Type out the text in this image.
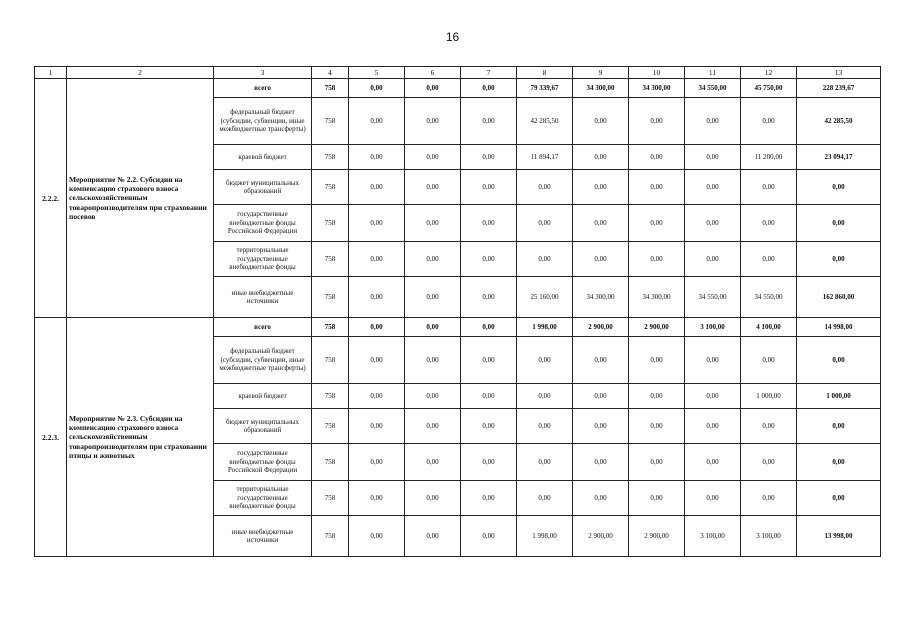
16
1	2	3	4	5	6	7	8	9	10	11	12	13
2.2.2.	Мероприятие № 2.2. Субсидии на компенсацию страхового взноса сельскохозяйственным товаропроизводителям при страховании посевов	всего	758	0,00	0,00	0,00	79 339,67	34 300,00	34 300,00	34 550,00	45 750,00	228 239,67
		федеральный бюджет (субсидии, субвенции, иные межбюджетные трансферты)	758	0,00	0,00	0,00	42 285,50	0,00	0,00	0,00	0,00	42 285,50
		краевой бюджет	758	0,00	0,00	0,00	11 894,17	0,00	0,00	0,00	11 200,00	23 094,17
		бюджет муниципальных образований	758	0,00	0,00	0,00	0,00	0,00	0,00	0,00	0,00	0,00
		государственные внебюджетные фонды Российской Федерации	758	0,00	0,00	0,00	0,00	0,00	0,00	0,00	0,00	0,00
		территориальные государственные внебюджетные фонды	758	0,00	0,00	0,00	0,00	0,00	0,00	0,00	0,00	0,00
		иные внебюджетные источники	758	0,00	0,00	0,00	25 160,00	34 300,00	34 300,00	34 550,00	34 550,00	162 860,00
2.2.3.	Мероприятие № 2.3. Субсидии на компенсацию страхового взноса сельскохозяйственным товаропроизводителям при страховании птицы и животных	всего	758	0,00	0,00	0,00	1 998,00	2 900,00	2 900,00	3 100,00	4 100,00	14 998,00
		федеральный бюджет (субсидии, субвенции, иные межбюджетные трансферты)	758	0,00	0,00	0,00	0,00	0,00	0,00	0,00	0,00	0,00
		краевой бюджет	758	0,00	0,00	0,00	0,00	0,00	0,00	0,00	1 000,00	1 000,00
		бюджет муниципальных образований	758	0,00	0,00	0,00	0,00	0,00	0,00	0,00	0,00	0,00
		государственные внебюджетные фонды Российской Федерации	758	0,00	0,00	0,00	0,00	0,00	0,00	0,00	0,00	0,00
		территориальные государственные внебюджетные фонды	758	0,00	0,00	0,00	0,00	0,00	0,00	0,00	0,00	0,00
		иные внебюджетные источники	758	0,00	0,00	0,00	1 998,00	2 900,00	2 900,00	3 100,00	3 100,00	13 998,00
